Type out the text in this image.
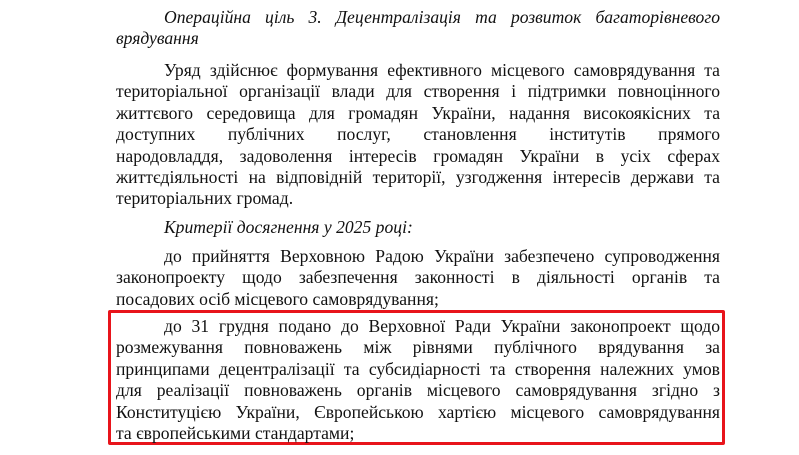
Операційна ціль 3. Децентралізація та розвиток багаторівневого
врядування
Уряд здійснює формування ефективного місцевого самоврядування та
територіальної організації влади для створення і підтримки повноцінного
життєвого середовища для громадян України, надання високоякісних та
доступних публічних послуг, становлення інститутів прямого
народовладдя, задоволення інтересів громадян України в усіх сферах
життєдіяльності на відповідній території, узгодження інтересів держави та
територіальних громад.
Критерії досягнення у 2025 році:
до прийняття Верховною Радою України забезпечено супроводження
законопроекту щодо забезпечення законності в діяльності органів та
посадових осіб місцевого самоврядування;
до 31 грудня подано до Верховної Ради України законопроект щодо
розмежування повноважень між рівнями публічного врядування за
принципами децентралізації та субсидіарності та створення належних умов
для реалізації повноважень органів місцевого самоврядування згідно з
Конституцією України, Європейською хартією місцевого самоврядування
та європейськими стандартами;
